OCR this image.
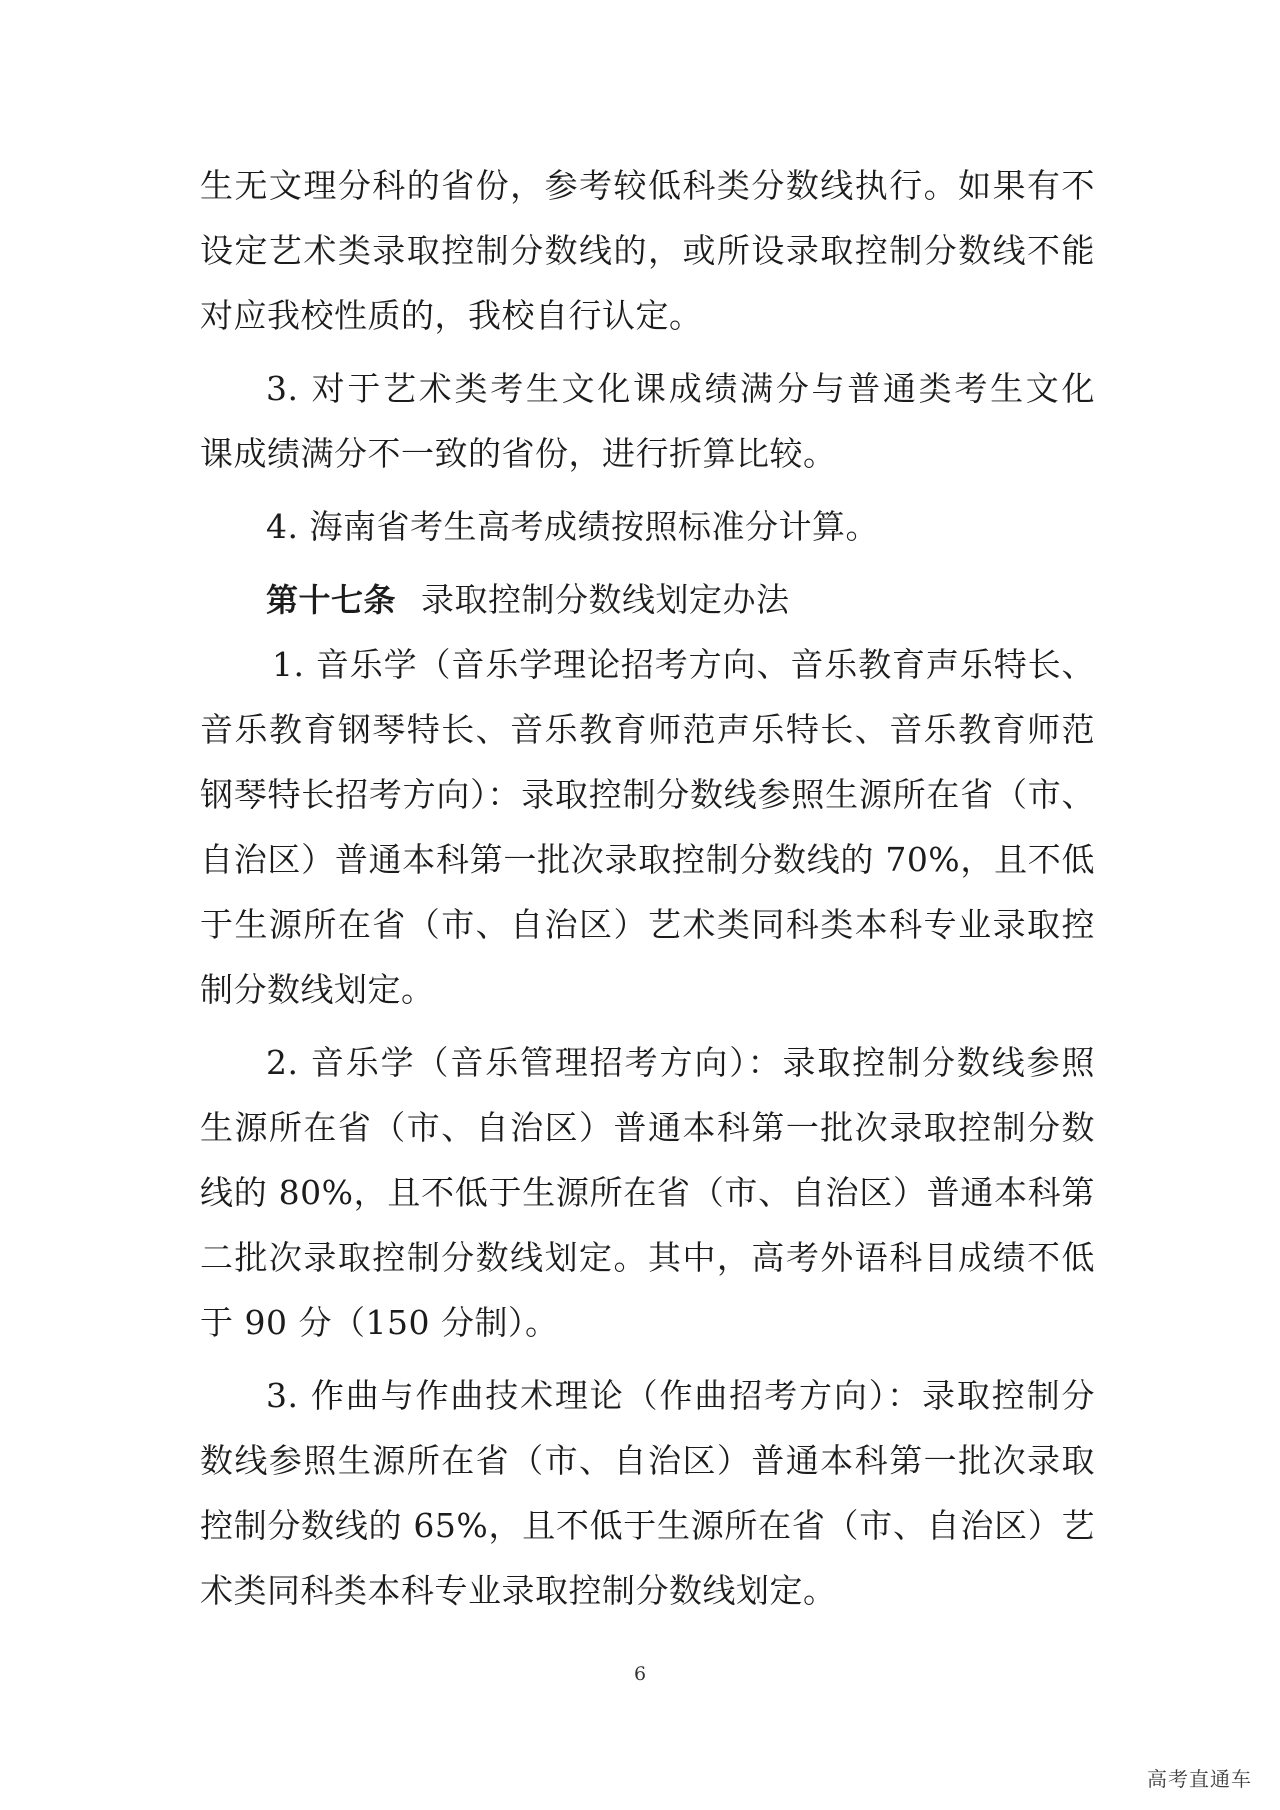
生无文理分科的省份，参考较低科类分数线执行。如果有不
设定艺术类录取控制分数线的，或所设录取控制分数线不能
对应我校性质的，我校自行认定。
3. 对于艺术类考生文化课成绩满分与普通类考生文化
课成绩满分不一致的省份，进行折算比较。
4. 海南省考生高考成绩按照标准分计算。
第十七条 录取控制分数线划定办法
1. 音乐学（音乐学理论招考方向、音乐教育声乐特长、
音乐教育钢琴特长、音乐教育师范声乐特长、音乐教育师范
钢琴特长招考方向）：录取控制分数线参照生源所在省（市、
自治区）普通本科第一批次录取控制分数线的 70%，且不低
于生源所在省（市、自治区）艺术类同科类本科专业录取控
制分数线划定。
2. 音乐学（音乐管理招考方向）：录取控制分数线参照
生源所在省（市、自治区）普通本科第一批次录取控制分数
线的 80%，且不低于生源所在省（市、自治区）普通本科第
二批次录取控制分数线划定。其中，高考外语科目成绩不低
于 90 分（150 分制）。
3. 作曲与作曲技术理论（作曲招考方向）：录取控制分
数线参照生源所在省（市、自治区）普通本科第一批次录取
控制分数线的 65%，且不低于生源所在省（市、自治区）艺
术类同科类本科专业录取控制分数线划定。
6
高考直通车
